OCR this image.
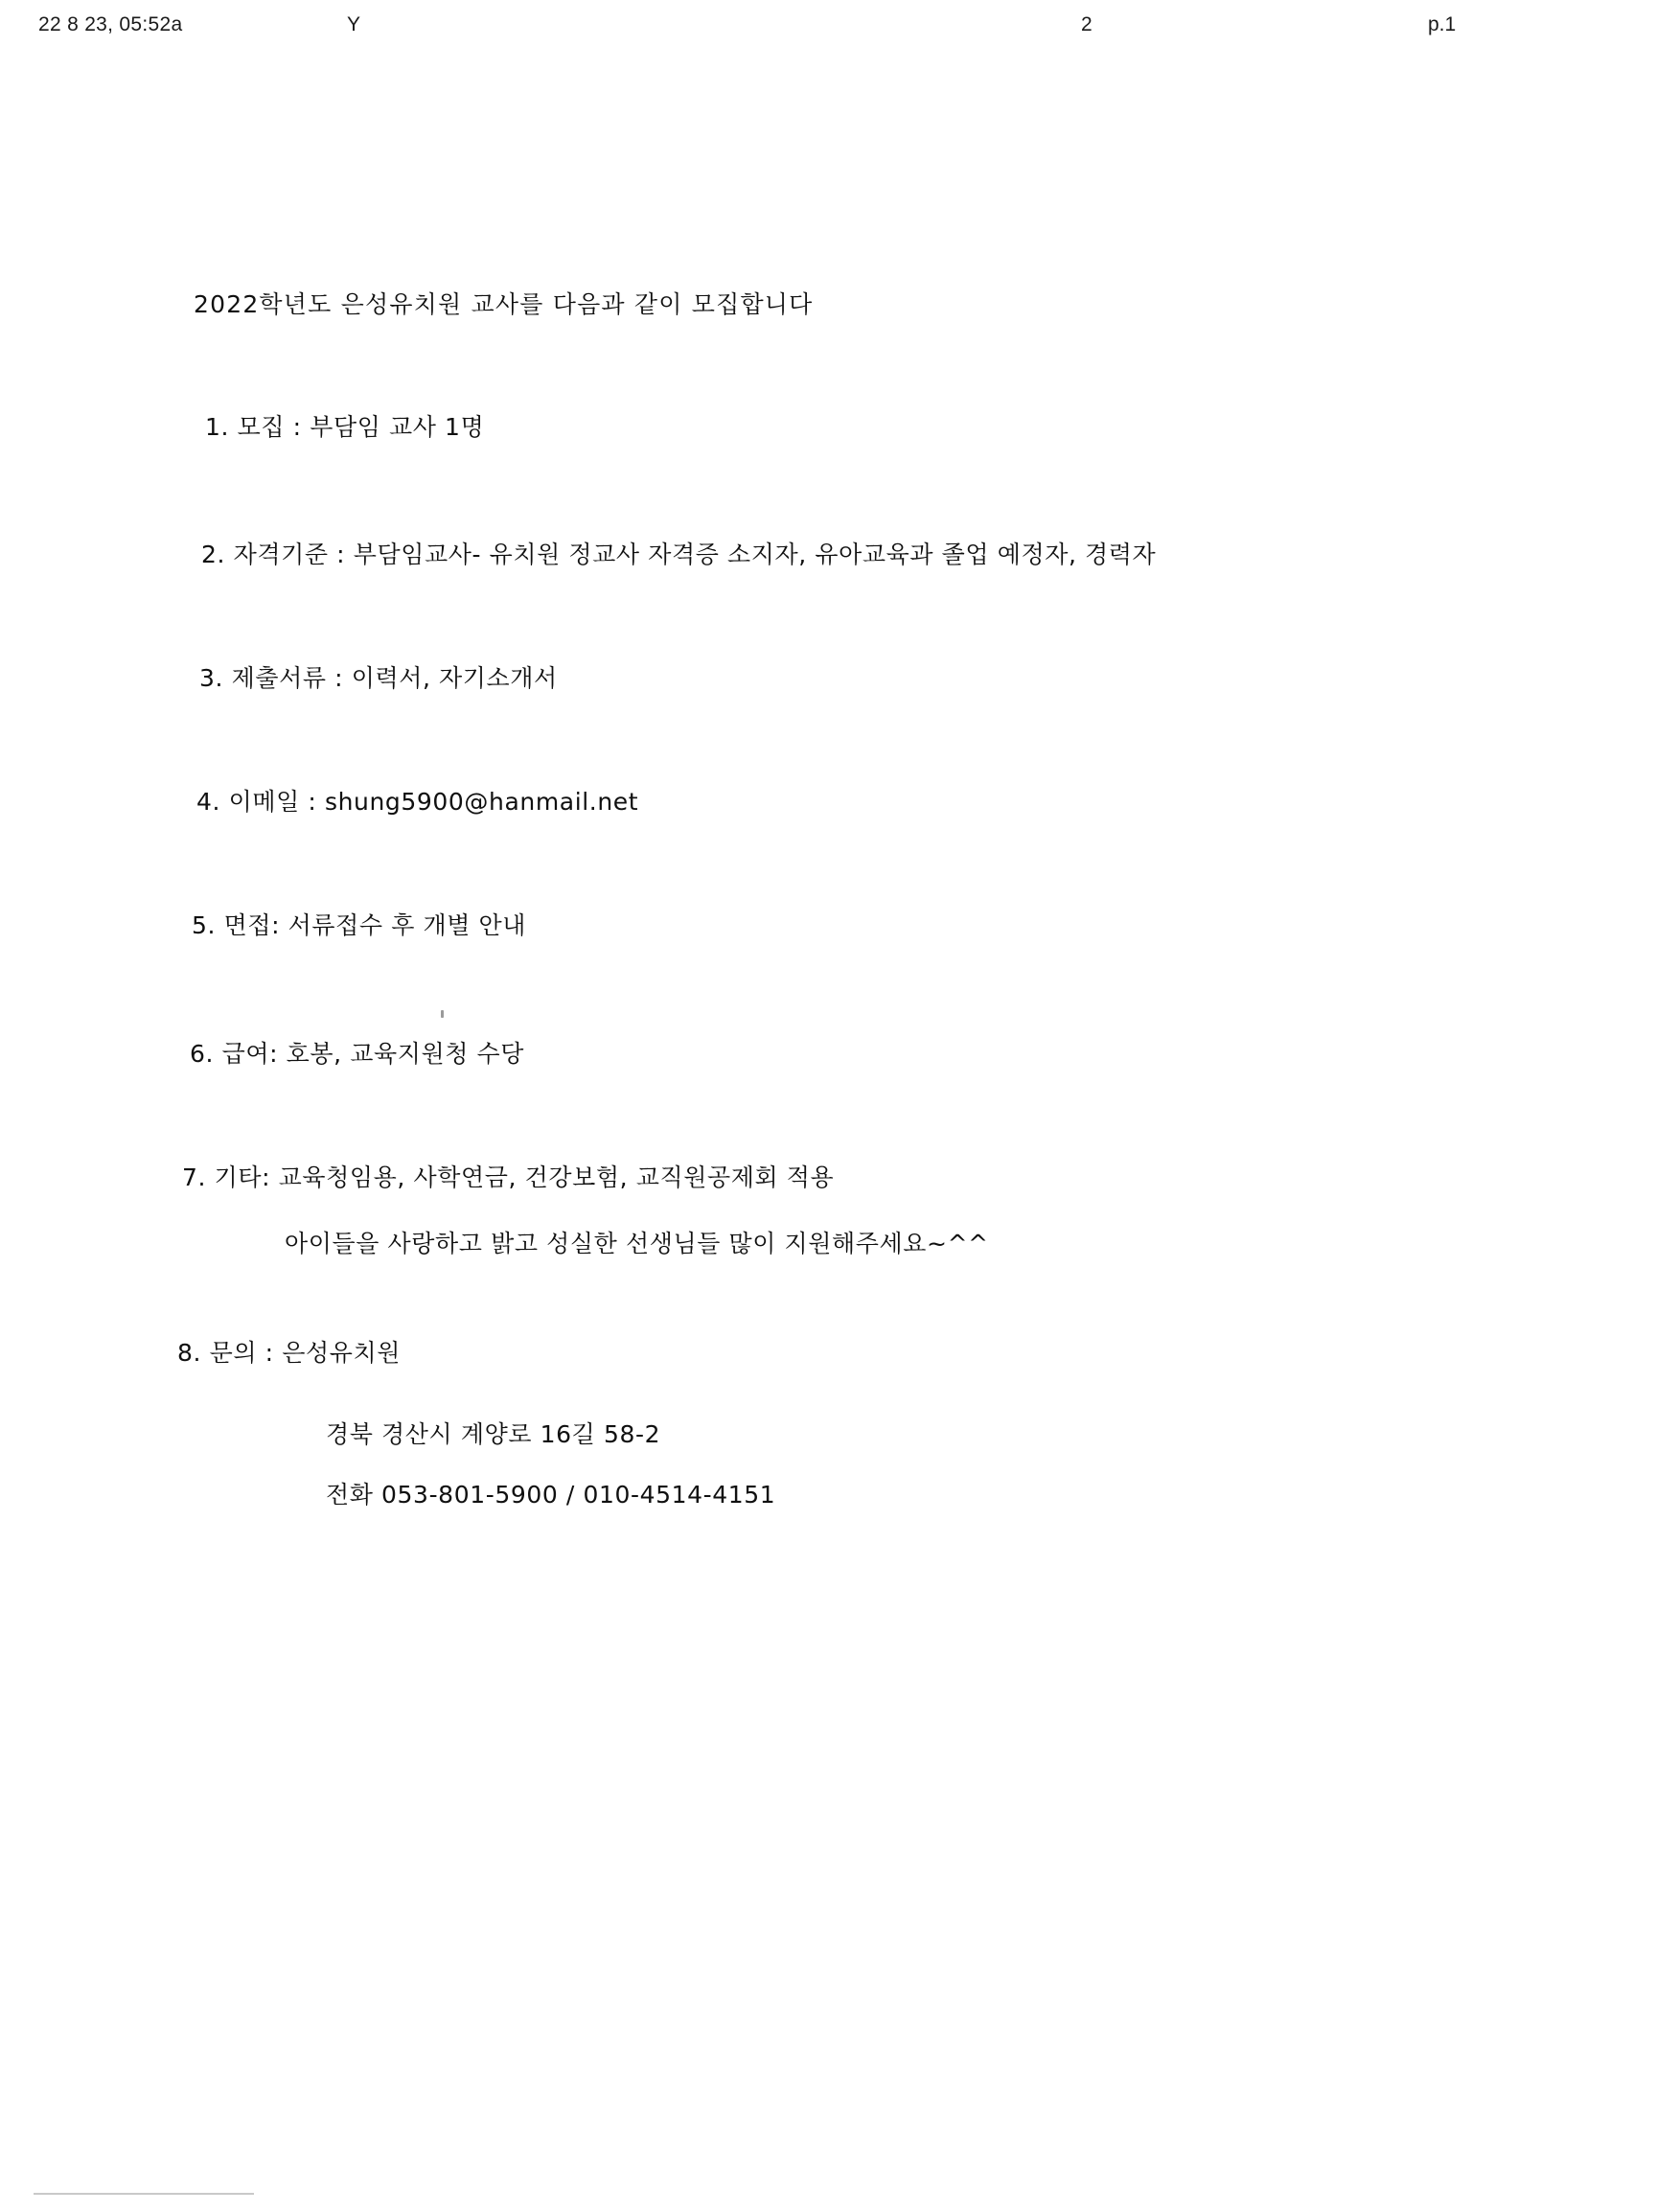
22 8 23, 05:52a	Y	2	p.1
2022학년도 은성유치원 교사를 다음과 같이 모집합니다
1. 모집 : 부담임 교사 1명
2. 자격기준 : 부담임교사- 유치원 정교사 자격증 소지자, 유아교육과 졸업 예정자, 경력자
3. 제출서류 : 이력서, 자기소개서
4. 이메일 : shung5900@hanmail.net
5. 면접: 서류접수 후 개별 안내
6. 급여: 호봉, 교육지원청 수당
7. 기타: 교육청임용, 사학연금, 건강보험, 교직원공제회 적용
아이들을 사랑하고 밝고 성실한 선생님들 많이 지원해주세요~^^
8. 문의 : 은성유치원
경북 경산시 계양로 16길 58-2
전화 053-801-5900 / 010-4514-4151
